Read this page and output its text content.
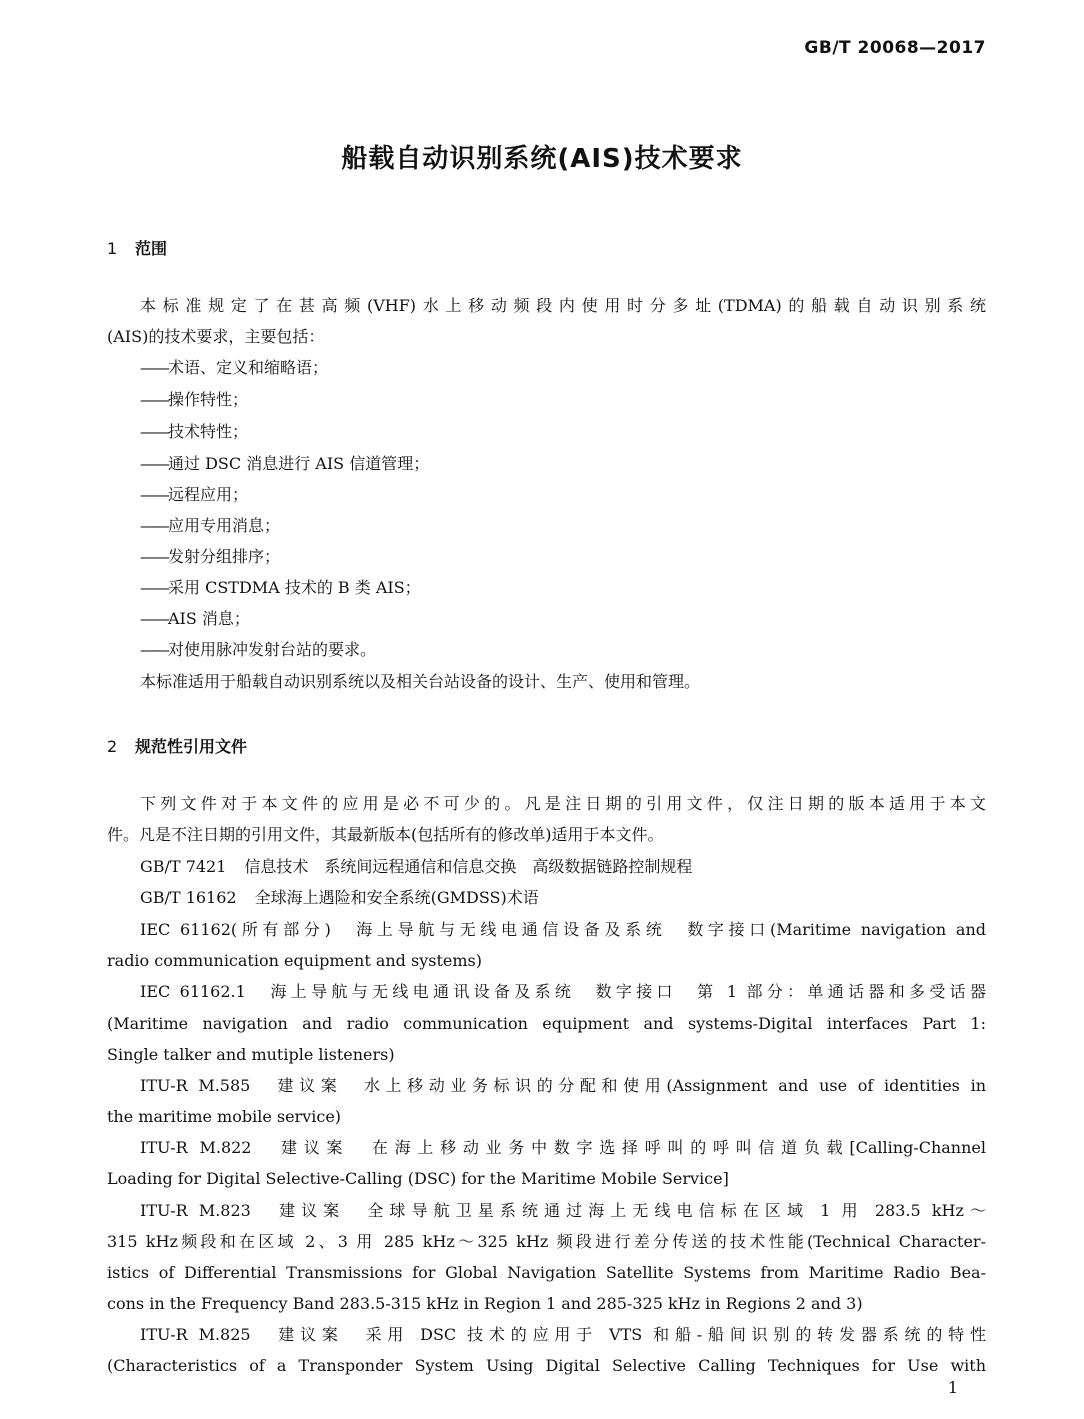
GB/T 20068—2017
船载自动识别系统(AIS)技术要求
1 范围
本标准规定了在甚高频(VHF)水上移动频段内使用时分多址(TDMA)的船载自动识别系统
(AIS)的技术要求，主要包括：
——术语、定义和缩略语；
——操作特性；
——技术特性；
——通过 DSC 消息进行 AIS 信道管理；
——远程应用；
——应用专用消息；
——发射分组排序；
——采用 CSTDMA 技术的 B 类 AIS；
——AIS 消息；
——对使用脉冲发射台站的要求。
本标准适用于船载自动识别系统以及相关台站设备的设计、生产、使用和管理。
2 规范性引用文件
下列文件对于本文件的应用是必不可少的。凡是注日期的引用文件，仅注日期的版本适用于本文
件。凡是不注日期的引用文件，其最新版本(包括所有的修改单)适用于本文件。
GB/T 7421 信息技术　系统间远程通信和信息交换　高级数据链路控制规程
GB/T 16162 全球海上遇险和安全系统(GMDSS)术语
IEC 61162(所有部分)　海上导航与无线电通信设备及系统　数字接口(Maritime navigation and
radio communication equipment and systems)
IEC 61162.1　海上导航与无线电通讯设备及系统　数字接口　第 1 部分：单通话器和多受话器
(Maritime navigation and radio communication equipment and systems-Digital interfaces Part 1:
Single talker and mutiple listeners)
ITU-R M.585　建议案　水上移动业务标识的分配和使用(Assignment and use of identities in
the maritime mobile service)
ITU-R M.822　建议案　在海上移动业务中数字选择呼叫的呼叫信道负载[Calling-Channel
Loading for Digital Selective-Calling (DSC) for the Maritime Mobile Service]
ITU-R M.823　建议案　全球导航卫星系统通过海上无线电信标在区域 1 用 283.5 kHz～
315 kHz频段和在区域 2、3 用 285 kHz～325 kHz 频段进行差分传送的技术性能(Technical Character-
istics of Differential Transmissions for Global Navigation Satellite Systems from Maritime Radio Bea-
cons in the Frequency Band 283.5-315 kHz in Region 1 and 285-325 kHz in Regions 2 and 3)
ITU-R M.825　建议案　采用 DSC 技术的应用于 VTS 和船-船间识别的转发器系统的特性
(Characteristics of a Transponder System Using Digital Selective Calling Techniques for Use with
1
